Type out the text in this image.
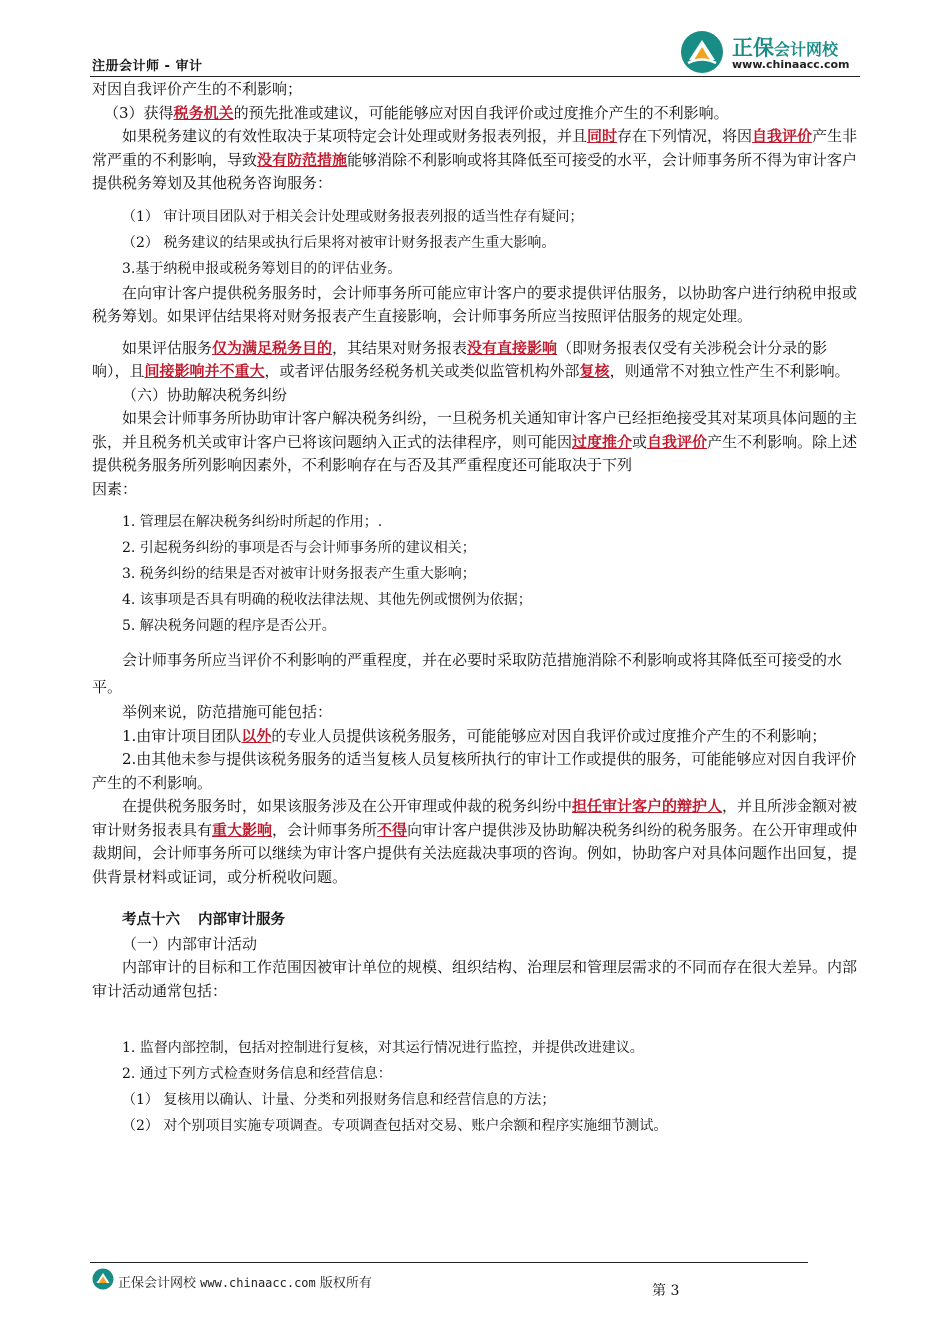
注册会计师 - 审计
正保会计网校
www.chinaacc.com

对因自我评价产生的不利影响；

（3）获得税务机关的预先批准或建议，可能能够应对因自我评价或过度推介产生的不利影响。

如果税务建议的有效性取决于某项特定会计处理或财务报表列报，并且同时存在下列情况，将因自我评价产生非常严重的不利影响，导致没有防范措施能够消除不利影响或将其降低至可接受的水平，会计师事务所不得为审计客户提供税务筹划及其他税务咨询服务：

（1） 审计项目团队对于相关会计处理或财务报表列报的适当性存有疑问；

（2） 税务建议的结果或执行后果将对被审计财务报表产生重大影响。

3.基于纳税申报或税务筹划目的的评估业务。

在向审计客户提供税务服务时，会计师事务所可能应审计客户的要求提供评估服务，以协助客户进行纳税申报或税务筹划。如果评估结果将对财务报表产生直接影响，会计师事务所应当按照评估服务的规定处理。

如果评估服务仅为满足税务目的，其结果对财务报表没有直接影响（即财务报表仅受有关涉税会计分录的影响），且间接影响并不重大，或者评估服务经税务机关或类似监管机构外部复核，则通常不对独立性产生不利影响。

（六）协助解决税务纠纷

如果会计师事务所协助审计客户解决税务纠纷，一旦税务机关通知审计客户已经拒绝接受其对某项具体问题的主张，并且税务机关或审计客户已将该问题纳入正式的法律程序，则可能因过度推介或自我评价产生不利影响。除上述提供税务服务所列影响因素外，不利影响存在与否及其严重程度还可能取决于下列

因素：

1. 管理层在解决税务纠纷时所起的作用；.

2. 引起税务纠纷的事项是否与会计师事务所的建议相关；

3. 税务纠纷的结果是否对被审计财务报表产生重大影响；

4. 该事项是否具有明确的税收法律法规、其他先例或惯例为依据；

5. 解决税务问题的程序是否公开。

会计师事务所应当评价不利影响的严重程度，并在必要时采取防范措施消除不利影响或将其降低至可接受的水平。

举例来说，防范措施可能包括：

1.由审计项目团队以外的专业人员提供该税务服务，可能能够应对因自我评价或过度推介产生的不利影响；

2.由其他未参与提供该税务服务的适当复核人员复核所执行的审计工作或提供的服务，可能能够应对因自我评价产生的不利影响。

在提供税务服务时，如果该服务涉及在公开审理或仲裁的税务纠纷中担任审计客户的辩护人，并且所涉金额对被审计财务报表具有重大影响，会计师事务所不得向审计客户提供涉及协助解决税务纠纷的税务服务。在公开审理或仲裁期间，会计师事务所可以继续为审计客户提供有关法庭裁决事项的咨询。例如，协助客户对具体问题作出回复，提供背景材料或证词，或分析税收问题。

考点十六 内部审计服务

（一）内部审计活动

内部审计的目标和工作范围因被审计单位的规模、组织结构、治理层和管理层需求的不同而存在很大差异。内部审计活动通常包括：

1. 监督内部控制，包括对控制进行复核，对其运行情况进行监控，并提供改进建议。

2. 通过下列方式检查财务信息和经营信息：

（1） 复核用以确认、计量、分类和列报财务信息和经营信息的方法；

（2） 对个别项目实施专项调查。专项调查包括对交易、账户余额和程序实施细节测试。

正保会计网校 www.chinaacc.com 版权所有	第 3
